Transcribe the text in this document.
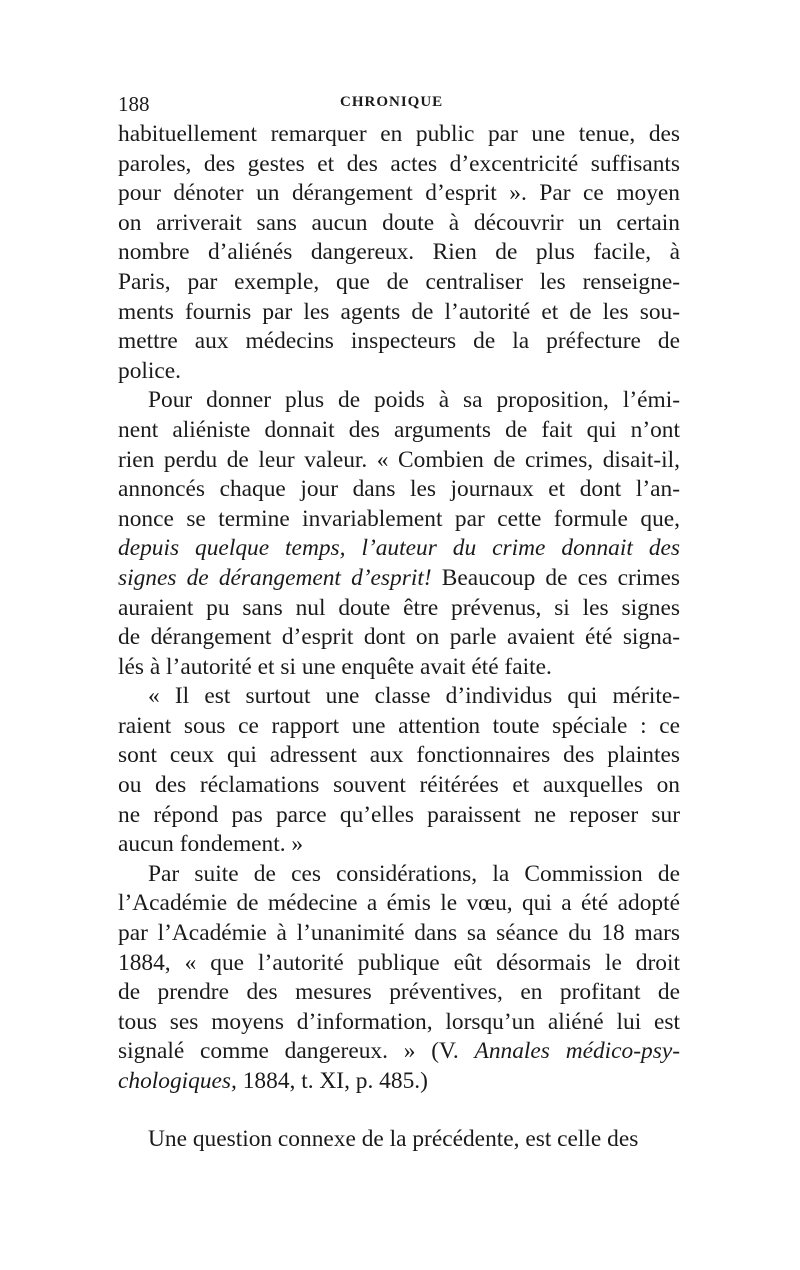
188	CHRONIQUE
habituellement remarquer en public par une tenue, des
paroles, des gestes et des actes d’excentricité suffisants
pour dénoter un dérangement d’esprit ». Par ce moyen
on arriverait sans aucun doute à découvrir un certain
nombre d’aliénés dangereux. Rien de plus facile, à
Paris, par exemple, que de centraliser les renseigne-
ments fournis par les agents de l’autorité et de les sou-
mettre aux médecins inspecteurs de la préfecture de
police.
Pour donner plus de poids à sa proposition, l’émi-
nent aliéniste donnait des arguments de fait qui n’ont
rien perdu de leur valeur. « Combien de crimes, disait-il,
annoncés chaque jour dans les journaux et dont l’an-
nonce se termine invariablement par cette formule que,
depuis quelque temps, l’auteur du crime donnait des
signes de dérangement d’esprit! Beaucoup de ces crimes
auraient pu sans nul doute être prévenus, si les signes
de dérangement d’esprit dont on parle avaient été signa-
lés à l’autorité et si une enquête avait été faite.
« Il est surtout une classe d’individus qui mérite-
raient sous ce rapport une attention toute spéciale : ce
sont ceux qui adressent aux fonctionnaires des plaintes
ou des réclamations souvent réitérées et auxquelles on
ne répond pas parce qu’elles paraissent ne reposer sur
aucun fondement. »
Par suite de ces considérations, la Commission de
l’Académie de médecine a émis le vœu, qui a été adopté
par l’Académie à l’unanimité dans sa séance du 18 mars
1884, « que l’autorité publique eût désormais le droit
de prendre des mesures préventives, en profitant de
tous ses moyens d’information, lorsqu’un aliéné lui est
signalé comme dangereux. » (V. Annales médico-psy-
chologiques, 1884, t. XI, p. 485.)
Une question connexe de la précédente, est celle des
